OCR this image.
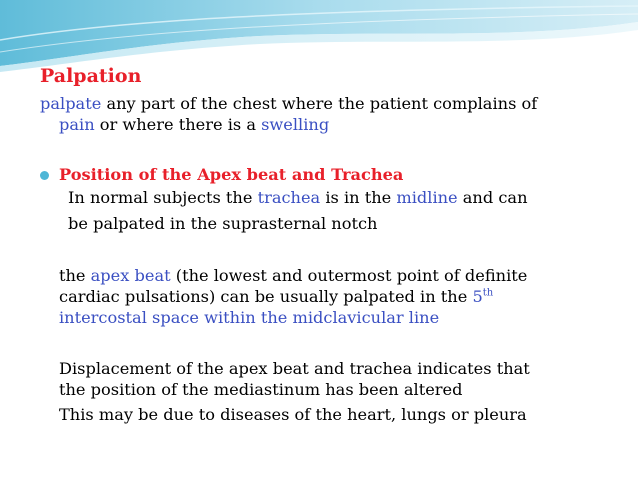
Palpation
palpate any part of the chest where the patient complains of
pain or where there is a swelling
Position of the Apex beat and Trachea
In normal subjects the trachea is in the midline and can
be palpated in the suprasternal notch
the apex beat (the lowest and outermost point of definite
cardiac pulsations) can be usually palpated in the 5th
intercostal space within the midclavicular line
Displacement of the apex beat and trachea indicates that
the position of the mediastinum has been altered
This may be due to diseases of the heart, lungs or pleura
